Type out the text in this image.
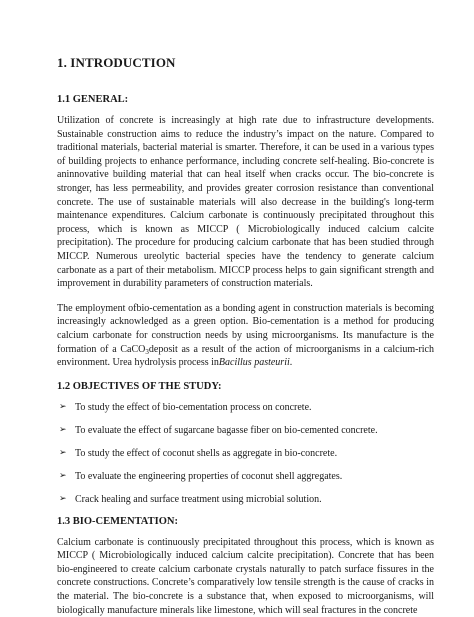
1. INTRODUCTION
1.1 GENERAL:

Utilization of concrete is increasingly at high rate due to infrastructure developments. Sustainable construction aims to reduce the industry’s impact on the nature. Compared to traditional materials, bacterial material is smarter. Therefore, it can be used in a various types of building projects to enhance performance, including concrete self-healing. Bio-concrete is aninnovative building material that can heal itself when cracks occur. The bio-concrete is stronger, has less permeability, and provides greater corrosion resistance than conventional concrete. The use of sustainable materials will also decrease in the building's long-term maintenance expenditures. Calcium carbonate is continuously precipitated throughout this process, which is known as MICCP ( Microbiologically induced calcium calcite precipitation). The procedure for producing calcium carbonate that has been studied through MICCP. Numerous ureolytic bacterial species have the tendency to generate calcium carbonate as a part of their metabolism. MICCP process helps to gain significant strength and improvement in durability parameters of construction materials.

The employment ofbio-cementation as a bonding agent in construction materials is becoming increasingly acknowledged as a green option. Bio-cementation is a method for producing calcium carbonate for construction needs by using microorganisms. Its manufacture is the formation of a CaCO$_3$deposit as a result of the action of microorganisms in a calcium-rich environment. Urea hydrolysis process inBacillus pasteurii.

1.2 OBJECTIVES OF THE STUDY:
➢ To study the effect of bio-cementation process on concrete.
➢ To evaluate the effect of sugarcane bagasse fiber on bio-cemented concrete.
➢ To study the effect of coconut shells as aggregate in bio-concrete.
➢ To evaluate the engineering properties of coconut shell aggregates.
➢ Crack healing and surface treatment using microbial solution.
1.3 BIO-CEMENTATION:

Calcium carbonate is continuously precipitated throughout this process, which is known as MICCP ( Microbiologically induced calcium calcite precipitation). Concrete that has been bio-engineered to create calcium carbonate crystals naturally to patch surface fissures in the concrete constructions. Concrete’s comparatively low tensile strength is the cause of cracks in the material. The bio-concrete is a substance that, when exposed to microorganisms, will biologically manufacture minerals like limestone, which will seal fractures in the concrete
